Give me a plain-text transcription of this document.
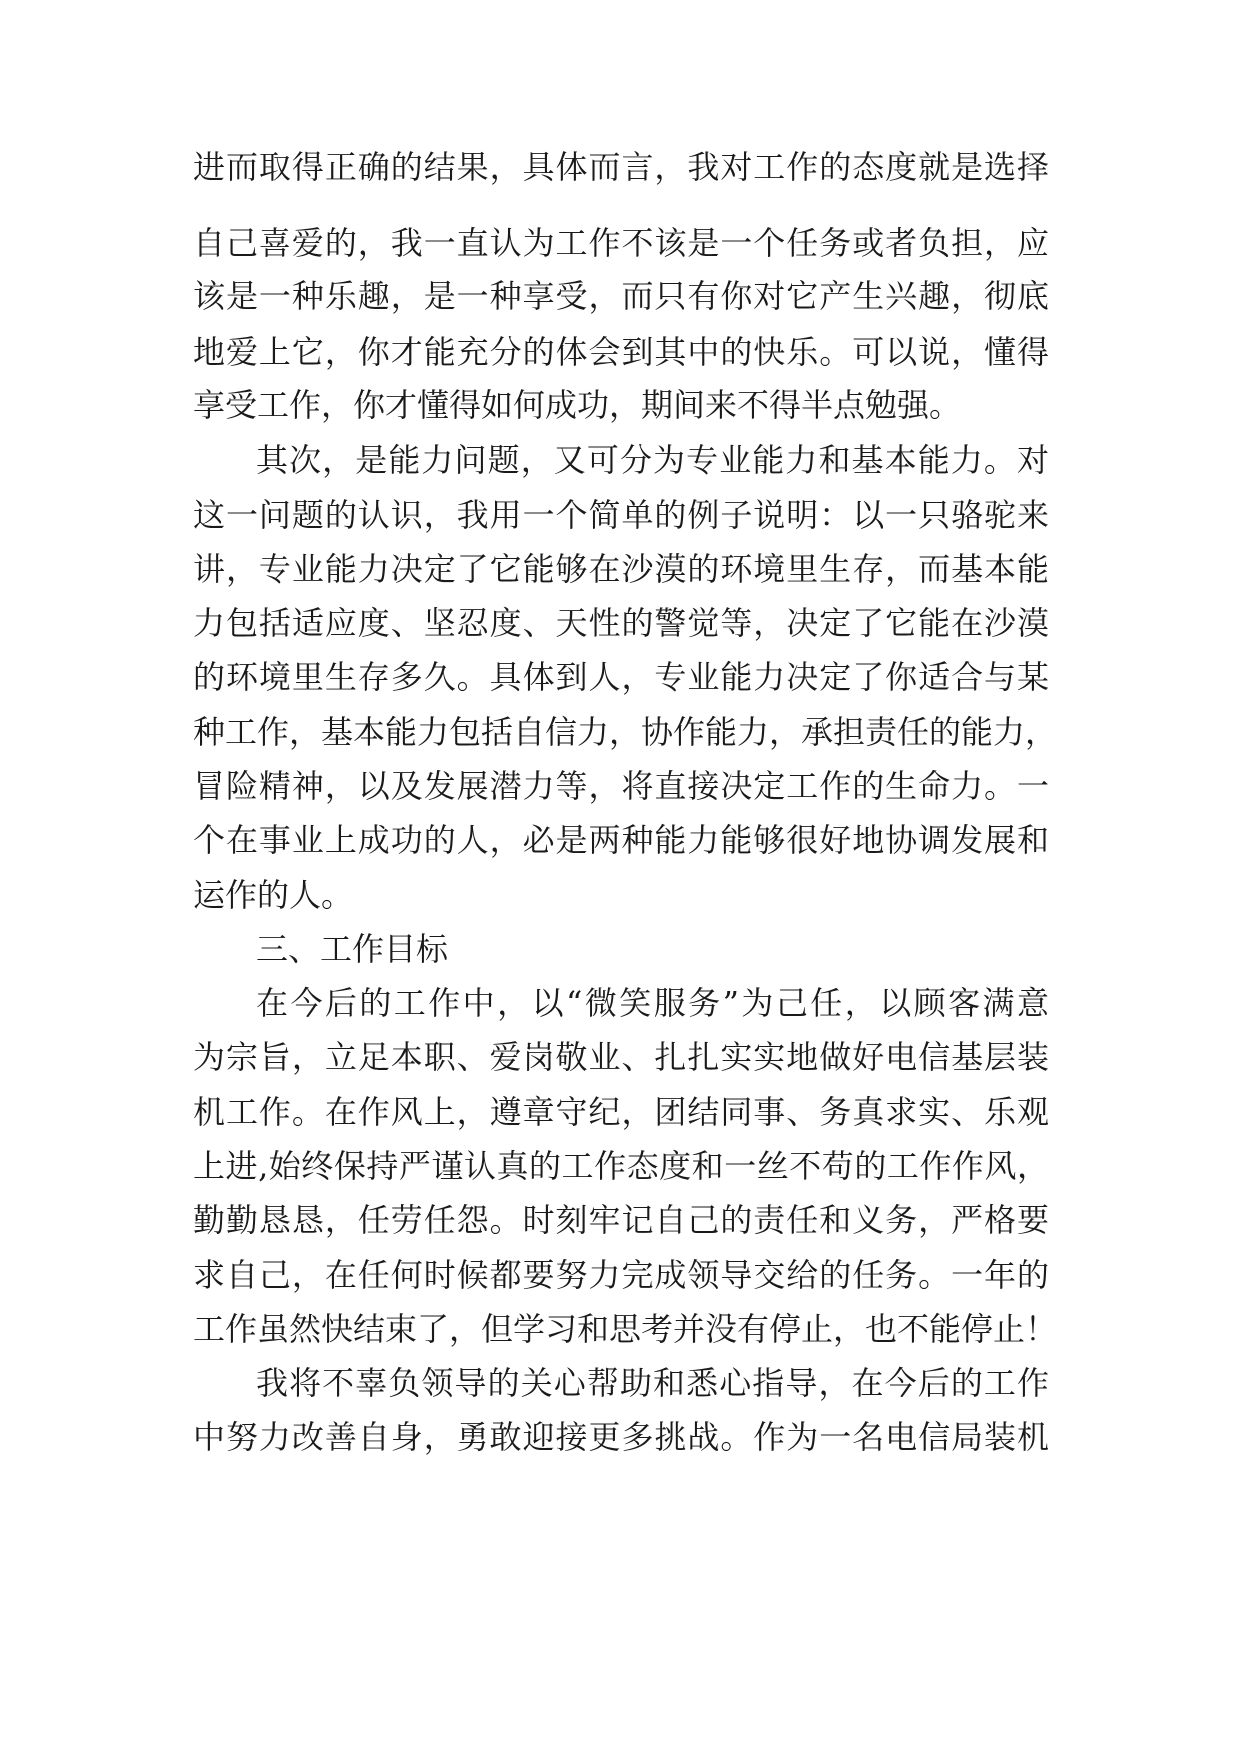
进而取得正确的结果，具体而言，我对工作的态度就是选择
自己喜爱的，我一直认为工作不该是一个任务或者负担，应
该是一种乐趣，是一种享受，而只有你对它产生兴趣，彻底
地爱上它，你才能充分的体会到其中的快乐。可以说，懂得
享受工作，你才懂得如何成功，期间来不得半点勉强。
其次，是能力问题，又可分为专业能力和基本能力。对
这一问题的认识，我用一个简单的例子说明：以一只骆驼来
讲，专业能力决定了它能够在沙漠的环境里生存，而基本能
力包括适应度、坚忍度、天性的警觉等，决定了它能在沙漠
的环境里生存多久。具体到人，专业能力决定了你适合与某
种工作，基本能力包括自信力，协作能力，承担责任的能力，
冒险精神，以及发展潜力等，将直接决定工作的生命力。一
个在事业上成功的人，必是两种能力能够很好地协调发展和
运作的人。
三、工作目标
在今后的工作中，以“微笑服务”为己任，以顾客满意
为宗旨，立足本职、爱岗敬业、扎扎实实地做好电信基层装
机工作。在作风上，遵章守纪，团结同事、务真求实、乐观
上进,始终保持严谨认真的工作态度和一丝不苟的工作作风，
勤勤恳恳，任劳任怨。时刻牢记自己的责任和义务，严格要
求自己，在任何时候都要努力完成领导交给的任务。一年的
工作虽然快结束了，但学习和思考并没有停止，也不能停止！
我将不辜负领导的关心帮助和悉心指导，在今后的工作
中努力改善自身，勇敢迎接更多挑战。作为一名电信局装机
